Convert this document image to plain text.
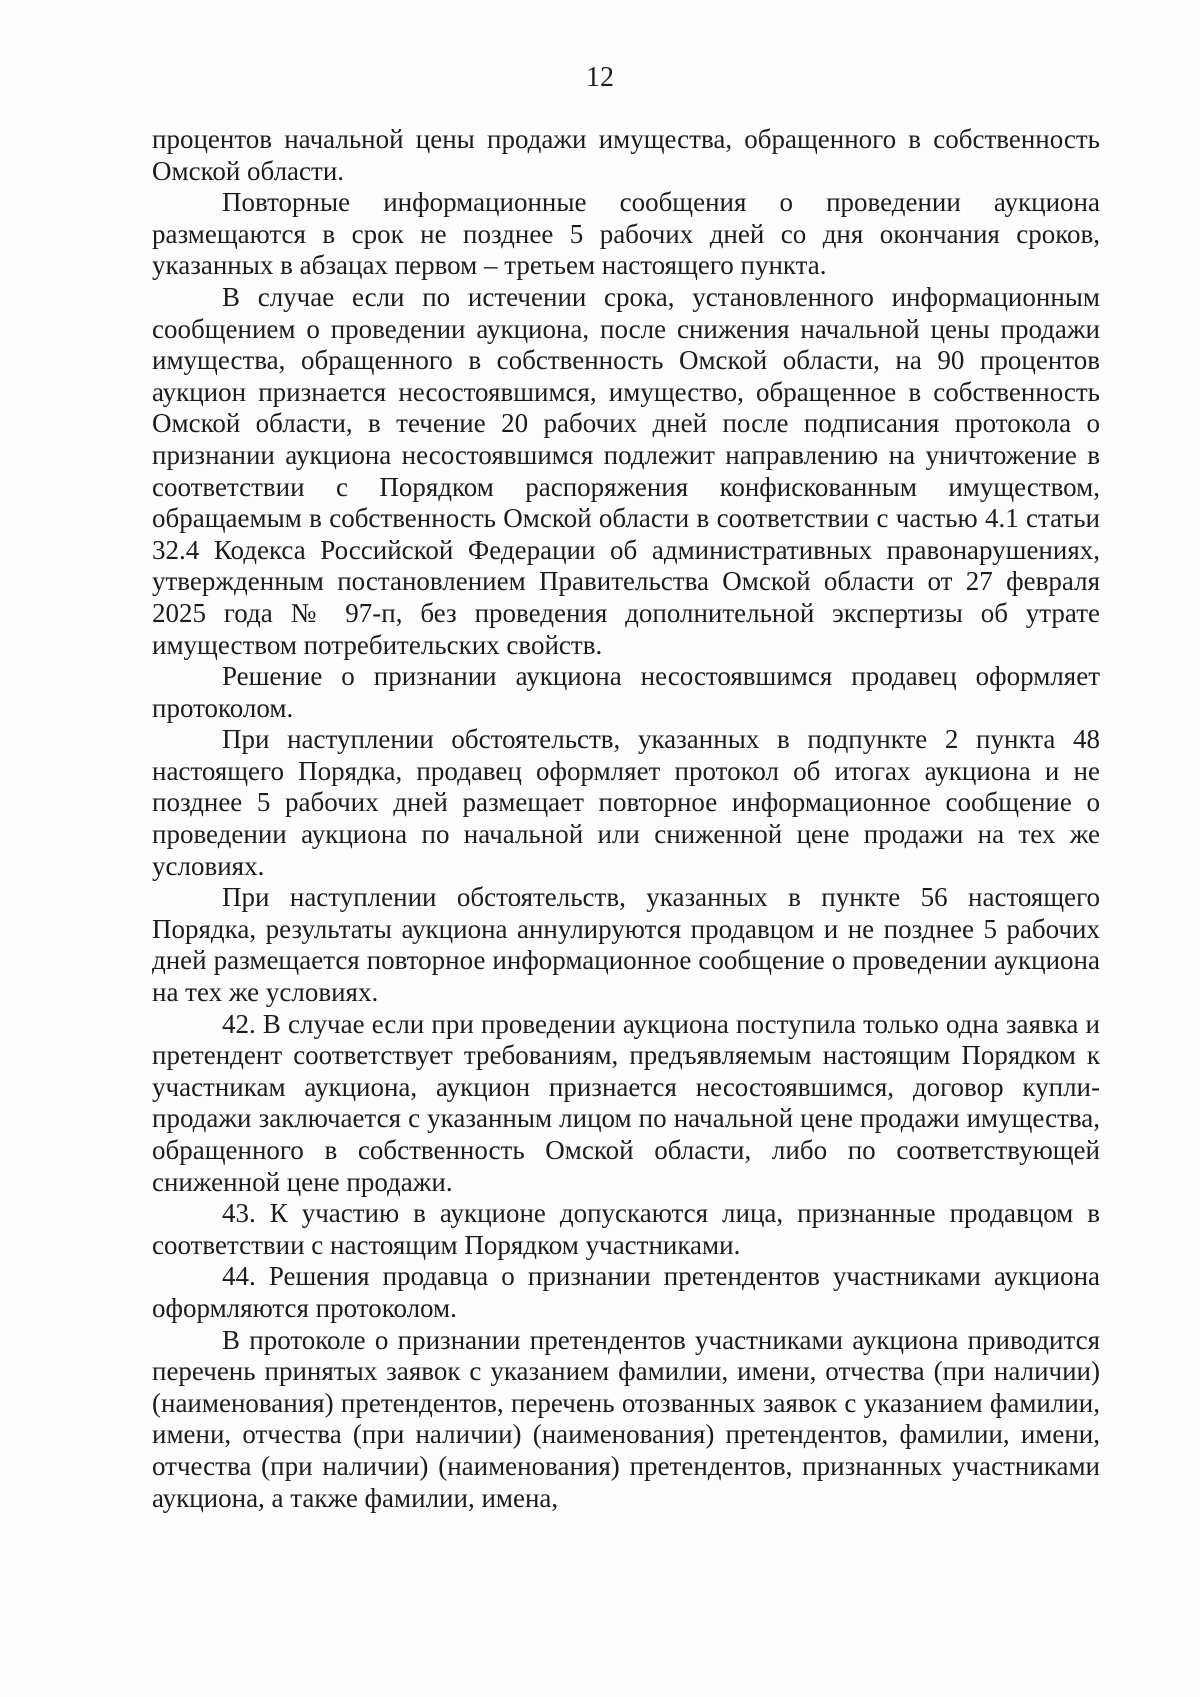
12

процентов начальной цены продажи имущества, обращенного в собственность Омской области.

Повторные информационные сообщения о проведении аукциона размещаются в срок не позднее 5 рабочих дней со дня окончания сроков, указанных в абзацах первом – третьем настоящего пункта.

В случае если по истечении срока, установленного информационным сообщением о проведении аукциона, после снижения начальной цены продажи имущества, обращенного в собственность Омской области, на 90 процентов аукцион признается несостоявшимся, имущество, обращенное в собственность Омской области, в течение 20 рабочих дней после подписания протокола о признании аукциона несостоявшимся подлежит направлению на уничтожение в соответствии с Порядком распоряжения конфискованным имуществом, обращаемым в собственность Омской области в соответствии с частью 4.1 статьи 32.4 Кодекса Российской Федерации об административных правонарушениях, утвержденным постановлением Правительства Омской области от 27 февраля 2025 года № 97-п, без проведения дополнительной экспертизы об утрате имуществом потребительских свойств.

Решение о признании аукциона несостоявшимся продавец оформляет протоколом.

При наступлении обстоятельств, указанных в подпункте 2 пункта 48 настоящего Порядка, продавец оформляет протокол об итогах аукциона и не позднее 5 рабочих дней размещает повторное информационное сообщение о проведении аукциона по начальной или сниженной цене продажи на тех же условиях.

При наступлении обстоятельств, указанных в пункте 56 настоящего Порядка, результаты аукциона аннулируются продавцом и не позднее 5 рабочих дней размещается повторное информационное сообщение о проведении аукциона на тех же условиях.

42. В случае если при проведении аукциона поступила только одна заявка и претендент соответствует требованиям, предъявляемым настоящим Порядком к участникам аукциона, аукцион признается несостоявшимся, договор купли-продажи заключается с указанным лицом по начальной цене продажи имущества, обращенного в собственность Омской области, либо по соответствующей сниженной цене продажи.

43. К участию в аукционе допускаются лица, признанные продавцом в соответствии с настоящим Порядком участниками.

44. Решения продавца о признании претендентов участниками аукциона оформляются протоколом.

В протоколе о признании претендентов участниками аукциона приводится перечень принятых заявок с указанием фамилии, имени, отчества (при наличии) (наименования) претендентов, перечень отозванных заявок с указанием фамилии, имени, отчества (при наличии) (наименования) претендентов, фамилии, имени, отчества (при наличии) (наименования) претендентов, признанных участниками аукциона, а также фамилии, имена,
